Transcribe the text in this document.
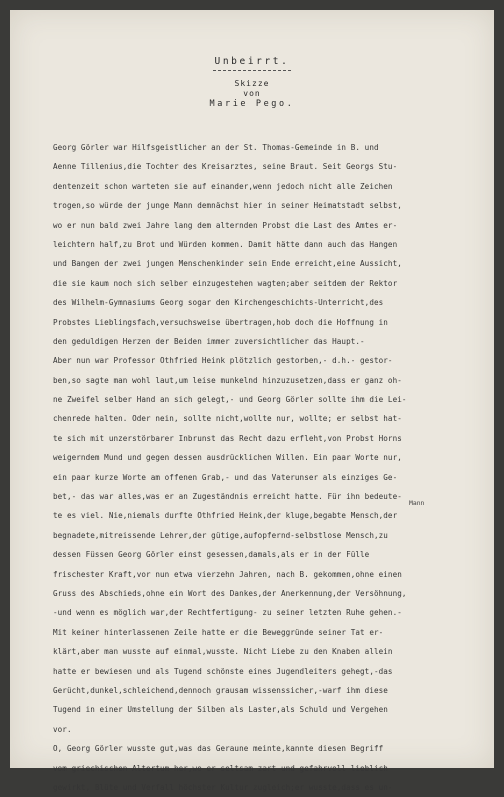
Unbeirrt.
Skizze
von
Marie Pego.
Georg Görler war Hilfsgeistlicher an der St. Thomas-Gemeinde in B. und
Aenne Tillenius,die Tochter des Kreisarztes, seine Braut. Seit Georgs Stu-
dentenzeit schon warteten sie auf einander,wenn jedoch nicht alle Zeichen
trogen,so würde der junge Mann demnächst hier in seiner Heimatstadt selbst,
wo er nun bald zwei Jahre lang dem alternden Probst die Last des Amtes er-
leichtern half,zu Brot und Würden kommen. Damit hätte dann auch das Hangen
und Bangen der zwei jungen Menschenkinder sein Ende erreicht,eine Aussicht,
die sie kaum noch sich selber einzugestehen wagten;aber seitdem der Rektor
des Wilhelm-Gymnasiums Georg sogar den Kirchengeschichts-Unterricht,des
Probstes Lieblingsfach,versuchsweise übertragen,hob doch die Hoffnung in
den geduldigen Herzen der Beiden immer zuversichtlicher das Haupt.-
Aber nun war Professor Othfried Heink plötzlich gestorben,- d.h.- gestor-
ben,so sagte man wohl laut,um leise munkelnd hinzuzusetzen,dass er ganz oh-
ne Zweifel selber Hand an sich gelegt,- und Georg Görler sollte ihm die Lei-
chenrede halten. Oder nein, sollte nicht,wollte nur, wollte; er selbst hat-
te sich mit unzerstörbarer Inbrunst das Recht dazu erfleht,von Probst Horns
weigerndem Mund und gegen dessen ausdrücklichen Willen. Ein paar Worte nur,
ein paar kurze Worte am offenen Grab,- und das Vaterunser als einziges Ge-
bet,- das war alles,was er an Zugeständnis erreicht hatte. Für ihn bedeute-
te es viel. Nie,niemals durfte Othfried Heink,der kluge,begabte Mensch,der
begnadete,mitreissende Lehrer,der gütige,aufopfernd-selbstlose Mensch,zu
dessen Füssen Georg Görler einst gesessen,damals,als er in der Fülle
frischester Kraft,vor nun etwa vierzehn Jahren, nach B. gekommen,ohne einen
Gruss des Abschieds,ohne ein Wort des Dankes,der Anerkennung,der Versöhnung,
-und wenn es möglich war,der Rechtfertigung- zu seiner letzten Ruhe gehen.-
Mit keiner hinterlassenen Zeile hatte er die Beweggründe seiner Tat er-
klärt,aber man wusste auf einmal,wusste. Nicht Liebe zu den Knaben allein
hatte er bewiesen und als Tugend schönste eines Jugendleiters gehegt,-das
Gerücht,dunkel,schleichend,dennoch grausam wissenssicher,-warf ihm diese
Tugend in einer Umstellung der Silben als Laster,als Schuld und Vergehen
vor.
O, Georg Görler wusste gut,was das Geraune meinte,kannte diesen Begriff
vom griechischen Altertum her,wo er seltsam zart und gefahrvoll lieblich
gewirkt, Blüte und Verfall höchster Kultur zugleich;er wusste,dass es un-
Mann
